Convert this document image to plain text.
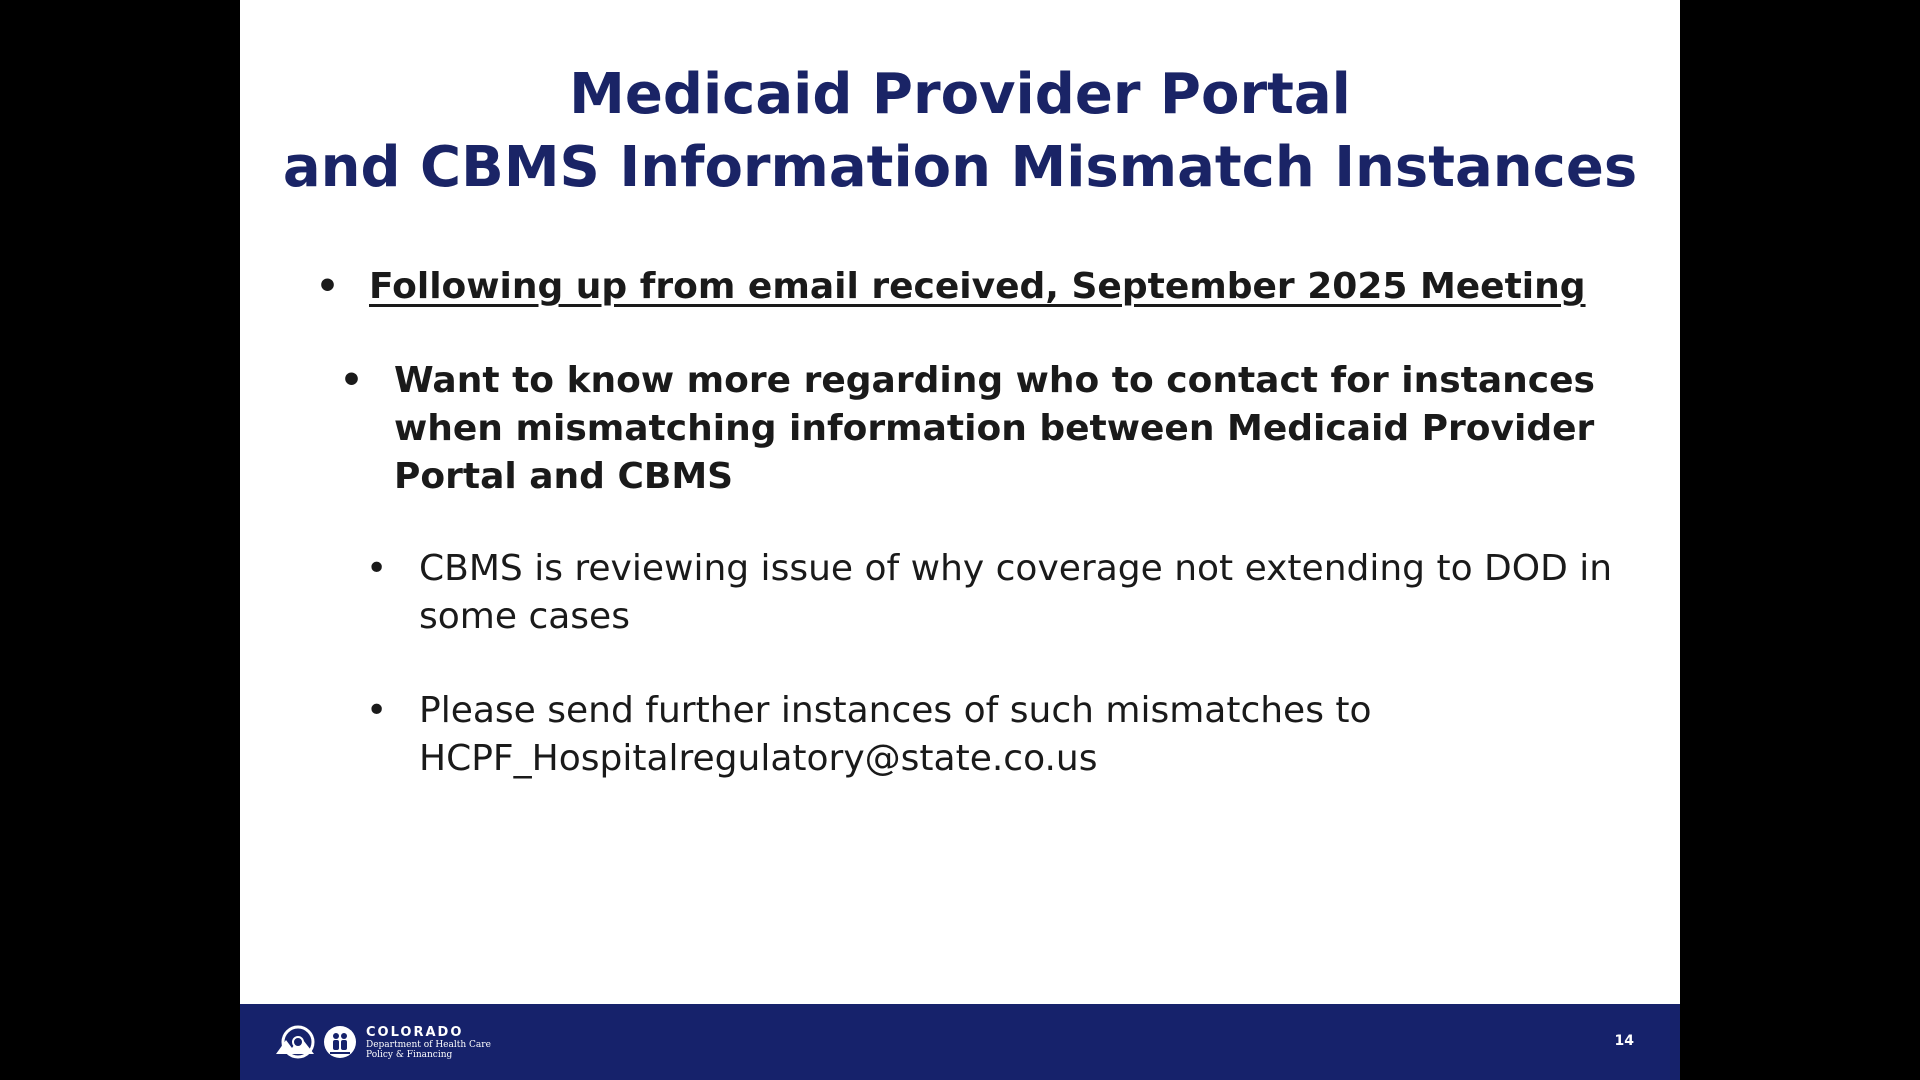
Medicaid Provider Portal
and CBMS Information Mismatch Instances
• Following up from email received, September 2025 Meeting
• Want to know more regarding who to contact for instances when mismatching information between Medicaid Provider Portal and CBMS
• CBMS is reviewing issue of why coverage not extending to DOD in some cases
• Please send further instances of such mismatches to HCPF_Hospitalregulatory@state.co.us
COLORADO
Department of Health Care
Policy & Financing
14
